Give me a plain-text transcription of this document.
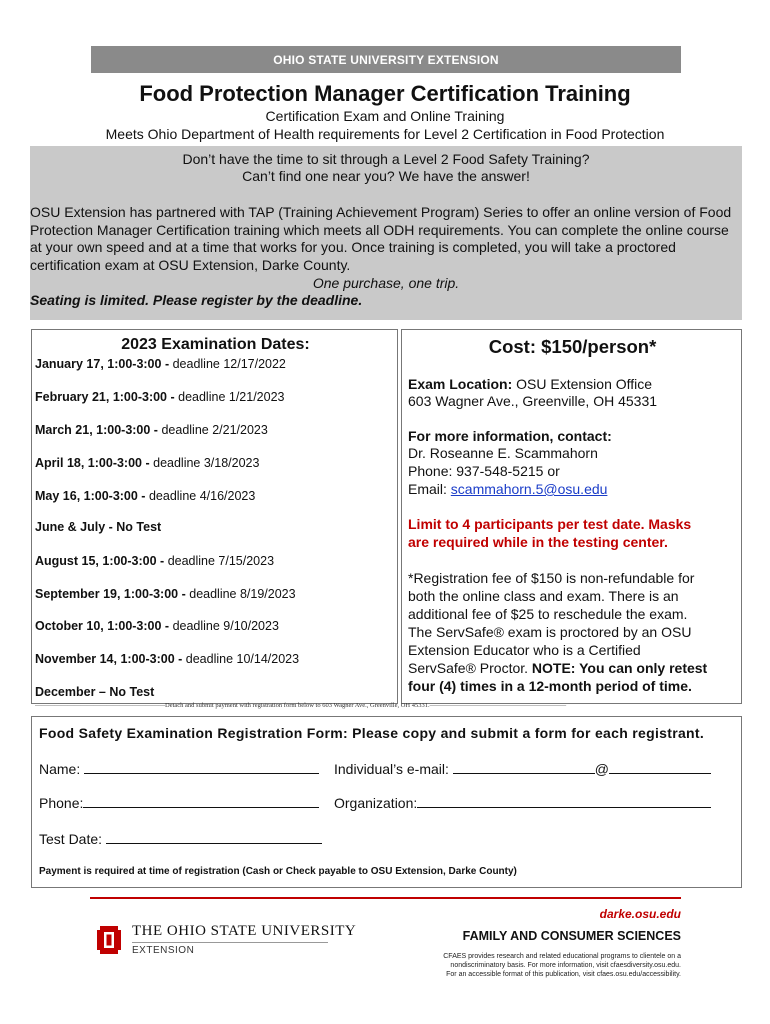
OHIO STATE UNIVERSITY EXTENSION
Food Protection Manager Certification Training
Certification Exam and Online Training
Meets Ohio Department of Health requirements for Level 2 Certification in Food Protection
Don’t have the time to sit through a Level 2 Food Safety Training?
Can’t find one near you? We have the answer!
OSU Extension has partnered with TAP (Training Achievement Program) Series to offer an online version of Food Protection Manager Certification training which meets all ODH requirements. You can complete the online course at your own speed and at a time that works for you. Once training is completed, you will take a proctored certification exam at OSU Extension, Darke County.
One purchase, one trip.
Seating is limited. Please register by the deadline.
2023 Examination Dates:
January 17, 1:00-3:00 - deadline 12/17/2022
February 21, 1:00-3:00 - deadline 1/21/2023
March 21, 1:00-3:00 - deadline 2/21/2023
April 18, 1:00-3:00 - deadline 3/18/2023
May 16, 1:00-3:00 - deadline 4/16/2023
June & July - No Test
August 15, 1:00-3:00 - deadline 7/15/2023
September 19, 1:00-3:00 - deadline 8/19/2023
October 10, 1:00-3:00 - deadline 9/10/2023
November 14, 1:00-3:00 - deadline 10/14/2023
December – No Test
Cost: $150/person*
Exam Location: OSU Extension Office
603 Wagner Ave., Greenville, OH 45331
For more information, contact:
Dr. Roseanne E. Scammahorn
Phone: 937-548-5215 or
Email: scammahorn.5@osu.edu
Limit to 4 participants per test date. Masks
are required while in the testing center.
*Registration fee of $150 is non-refundable for
both the online class and exam. There is an
additional fee of $25 to reschedule the exam.
The ServSafe® exam is proctored by an OSU
Extension Educator who is a Certified
ServSafe® Proctor. NOTE: You can only retest
four (4) times in a 12-month period of time.
————————————————————Detach and submit payment with registration form below to 603 Wagner Ave., Greenville, OH 45331.—————————————————————
Food Safety Examination Registration Form: Please copy and submit a form for each registrant.
Name:	Individual’s e-mail:	@
Phone:	Organization:
Test Date:
Payment is required at time of registration (Cash or Check payable to OSU Extension, Darke County)
THE OHIO STATE UNIVERSITY
EXTENSION
darke.osu.edu
FAMILY AND CONSUMER SCIENCES
CFAES provides research and related educational programs to clientele on a
nondiscriminatory basis. For more information, visit cfaesdiversity.osu.edu.
For an accessible format of this publication, visit cfaes.osu.edu/accessibility.
